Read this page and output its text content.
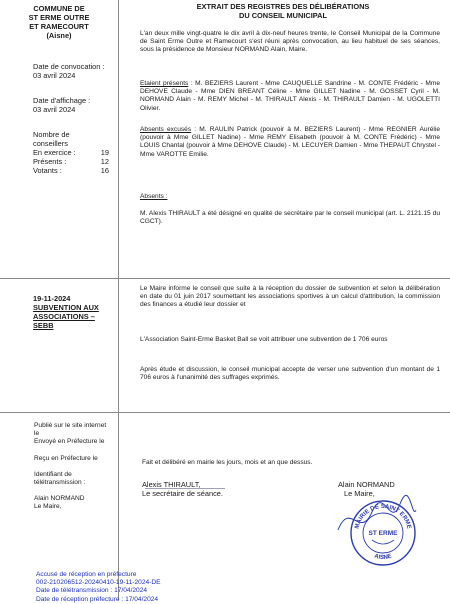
COMMUNE DE
ST ERME OUTRE
ET RAMECOURT
(Aisne)
EXTRAIT DES REGISTRES DES DÉLIBÉRATIONS
DU CONSEIL MUNICIPAL
Date de convocation :
03 avril 2024
Date d'affichage :
03 avril 2024
Nombre de
conseillers
En exercice :	19
Présents :	12
Votants :	16

L'an deux mille vingt-quatre le dix avril à dix-neuf heures trente, le Conseil Municipal de la Commune de Saint Erme Outre et Ramecourt s'est réuni après convocation, au lieu habituel de ses séances, sous la présidence de Monsieur NORMAND Alain, Maire.

Etaient présents : M. BEZIERS Laurent - Mme CAUQUELLE Sandrine - M. CONTE Frédéric - Mme DEHOVE Claude - Mme DIEN BREANT Céline - Mme GILLET Nadine - M. GOSSET Cyril - M. NORMAND Alain - M. REMY Michel - M. THIRAULT Alexis - M. THIRAULT Damien - M. UGOLETTI Olivier.

Absents excusés : M. RAULIN Patrick (pouvoir à M. BEZIERS Laurent) - Mme REGNIER Aurélie (pouvoir à Mme GILLET Nadine) - Mme REMY Elisabeth (pouvoir à M. CONTE Frédéric) - Mme LOUIS Chantal (pouvoir à Mme DEHOVE Claude) - M. LECUYER Damien - Mme THEPAUT Chrystel - Mme VAROTTE Emilie.

Absents :

M. Alexis THIRAULT a été désigné en qualité de secrétaire par le conseil municipal (art. L. 2121.15 du CGCT).

19-11-2024
SUBVENTION AUX ASSOCIATIONS – SEBB

Le Maire informe le conseil que suite à la réception du dossier de subvention et selon la délibération en date du 01 juin 2017 soumettant les associations sportives à un calcul d'attribution, la commission des finances a étudié leur dossier et

L'Association Saint-Erme Basket Ball se voit attribuer une subvention de 1 706 euros

Après étude et discussion, le conseil municipal accepte de verser une subvention d'un montant de 1 706 euros à l'unanimité des suffrages exprimés.

Publié sur le site internet
le
Envoyé en Préfecture le
Reçu en Préfecture le
Identifiant de
télétransmission :
Alain NORMAND
Le Maire,

Fait et délibéré en mairie les jours, mois et an que dessus.

Alexis THIRAULT,
Le secrétaire de séance.
Alain NORMAND
Le Maire,
MAIRIE DE SAINT ERME
AISNE
ST ERME
Accusé de réception en préfecture
002-210206512-20240410-19-11-2024-DE
Date de télétransmission : 17/04/2024
Date de réception préfecture : 17/04/2024
